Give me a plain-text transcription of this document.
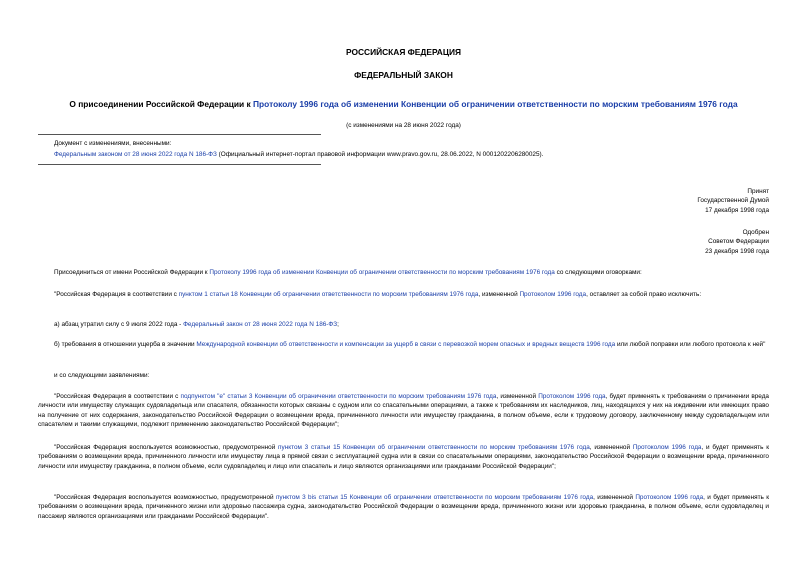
РОССИЙСКАЯ ФЕДЕРАЦИЯ
ФЕДЕРАЛЬНЫЙ ЗАКОН
О присоединении Российской Федерации к Протоколу 1996 года об изменении Конвенции об ограничении ответственности по морским требованиям 1976 года
(с изменениями на 28 июня 2022 года)
Документ с изменениями, внесенными:
Федеральным законом от 28 июня 2022 года N 186-ФЗ (Официальный интернет-портал правовой информации www.pravo.gov.ru, 28.06.2022, N 0001202206280025).
Принят
Государственной Думой
17 декабря 1998 года
Одобрен
Советом Федерации
23 декабря 1998 года
Присоединиться от имени Российской Федерации к Протоколу 1996 года об изменении Конвенции об ограничении ответственности по морским требованиям 1976 года со следующими оговорками:
"Российская Федерация в соответствии с пунктом 1 статьи 18 Конвенции об ограничении ответственности по морским требованиям 1976 года, измененной Протоколом 1996 года, оставляет за собой право исключить:
а) абзац утратил силу с 9 июля 2022 года - Федеральный закон от 28 июня 2022 года N 186-ФЗ;
б) требования в отношении ущерба в значении Международной конвенции об ответственности и компенсации за ущерб в связи с перевозкой морем опасных и вредных веществ 1996 года или любой поправки или любого протокола к ней"
и со следующими заявлениями:
"Российская Федерация в соответствии с подпунктом "е" статьи 3 Конвенции об ограничении ответственности по морским требованиям 1976 года, измененной Протоколом 1996 года, будет применять к требованиям о причинении вреда личности или имуществу служащих судовладельца или спасателя, обязанности которых связаны с судном или со спасательными операциями, а также к требованиям их наследников, лиц, находящихся у них на иждивении или имеющих право на получение от них содержания, законодательство Российской Федерации о возмещении вреда, причиненного личности или имуществу гражданина, в полном объеме, если к трудовому договору, заключенному между судовладельцем или спасателем и такими служащими, подлежит применению законодательство Российской Федерации";
"Российская Федерация воспользуется возможностью, предусмотренной пунктом 3 статьи 15 Конвенции об ограничении ответственности по морским требованиям 1976 года, измененной Протоколом 1996 года, и будет применять к требованиям о возмещении вреда, причиненного личности или имуществу лица в прямой связи с эксплуатацией судна или в связи со спасательными операциями, законодательство Российской Федерации о возмещении вреда, причиненного личности или имуществу гражданина, в полном объеме, если судовладелец и лицо или спасатель и лицо являются организациями или гражданами Российской Федерации";
"Российская Федерация воспользуется возможностью, предусмотренной пунктом 3 bis статьи 15 Конвенции об ограничении ответственности по морским требованиям 1976 года, измененной Протоколом 1996 года, и будет применять к требованиям о возмещении вреда, причиненного жизни или здоровью пассажира судна, законодательство Российской Федерации о возмещении вреда, причиненного жизни или здоровью гражданина, в полном объеме, если судовладелец и пассажир являются организациями или гражданами Российской Федерации".
